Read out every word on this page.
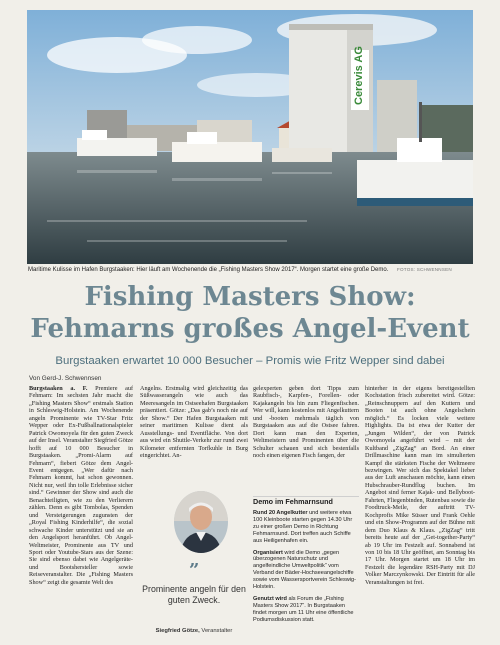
Cerevis AG
Maritime Kulisse im Hafen Burgstaaken: Hier läuft am Wochenende die „Fishing Masters Show 2017“. Morgen startet eine große Demo. FOTOS: SCHWENNSEN
Fishing Masters Show:
Fehmarns großes Angel-Event
Burgstaaken erwartet 10 000 Besucher – Promis wie Fritz Wepper sind dabei
Von Gerd-J. Schwennsen

Burgstaaken a. F. Premiere auf Fehmarn: Im sechsten Jahr macht die „Fishing Masters Show“ erstmals Station in Schleswig-Holstein. Am Wochenende angeln Prominente wie TV-Star Fritz Wepper oder Ex-Fußballnationalspieler Patrick Owomoyela für den guten Zweck auf der Insel. Veranstalter Siegfried Götze hofft auf 10 000 Besucher in Burgstaaken. „Promi-Alarm auf Fehmarn“, fiebert Götze dem Angel-Event entgegen. „Wer dafür nach Fehmarn kommt, hat schon gewonnen. Nicht nur, weil ihn tolle Erlebnisse sicher sind.“ Gewinner der Show sind auch die Benachteiligten, wie zu den Verlierern zählen. Denn es gibt Tombolas, Spenden und Versteigerungen zugunsten der „Royal Fishing Kinderhilfe“, die sozial schwache Kinder unterstützt und sie an den Angelsport heranführt. Ob Angel-Weltmeister, Prominente aus TV und Sport oder Youtube-Stars aus der Szene: Sie sind ebenso dabei wie Angelgeräte- und Bootshersteller sowie Reiseveranstalter. Die „Fishing Masters Show“ zeigt die gesamte Welt des

Angelns. Erstmalig wird gleichzeitig das Süßwasserangeln wie auch das Meeresangeln im Ostseehafen Burgstaaken präsentiert. Götze: „Das gab’s noch nie auf der Show.“ Der Hafen Burgstaaken mit seiner maritimen Kulisse dient als Ausstellungs- und Eventfläche. Von dort aus wird ein Shuttle-Verkehr zur rund zwei Kilometer entfernten Torfkuhle in Burg eingerichtet. An-

gelexperten geben dort Tipps zum Raubfisch-, Karpfen-, Forellen- oder Kajakangeln bis hin zum Fliegenfischen. Wer will, kann kostenlos mit Angelkuttern und -booten mehrmals täglich von Burgstaaken aus auf die Ostsee fahren. Dort kann man den Experten, Weltmeistern und Prominenten über die Schulter schauen und sich bestenfalls noch einen eigenen Fisch fangen, der

hinterher in der eigens bereitgestellten Kochstation frisch zubereitet wird. Götze: „Reinschnuppern auf den Kuttern und Booten ist auch ohne Angelschein möglich.“ Es locken viele weitere Highlights. Da ist etwa der Kutter der „Jungen Wilden“, der von Patrick Owomoyela angeführt wird – mit der Kultband „ZigZag“ an Bord. An einer Drillmaschine kann man im simulierten Kampf die stärksten Fische der Weltmeere bezwingen. Wer sich das Spektakel lieber aus der Luft anschauen möchte, kann einen Hubschrauber-Rundflug buchen. Im Angebot sind ferner Kajak- und Bellyboot-Fahrten, Fliegenbinden, Rutenbau sowie die Foodtruck-Meile, der auftritt TV-Kochprofis Mike Süsser und Frank Oehle und ein Show-Programm auf der Bühne mit dem Duo Klaus & Klaus. „ZigZag“ tritt bereits heute auf der „Get-together-Party“ ab 19 Uhr im Festzelt auf. Sonnabend ist von 10 bis 18 Uhr geöffnet, am Sonntag bis 17 Uhr. Morgen startet um 18 Uhr im Festzelt die legendäre RSH-Party mit DJ Volker Marczynkowski. Der Eintritt für alle Veranstaltungen ist frei.

”
Prominente angeln für den guten Zweck.
Siegfried Götze, Veranstalter
Demo im Fehmarnsund

Rund 20 Angelkutter und weitere etwa 100 Kleinboote starten gegen 14.30 Uhr zu einer großen Demo in Richtung Fehmarnsund. Dort treffen auch Schiffe aus Heiligenhafen ein.

Organisiert wird die Demo „gegen überzogenen Naturschutz und angelfeindliche Umweltpolitik“ vom Verband der Bäder-Hochseeangelschiffe sowie vom Wassersportverein Schleswig-Holstein.

Genutzt wird als Forum die „Fishing Masters Show 2017“. In Burgstaaken findet morgen um 11 Uhr eine öffentliche Podiumsdiskussion statt.
